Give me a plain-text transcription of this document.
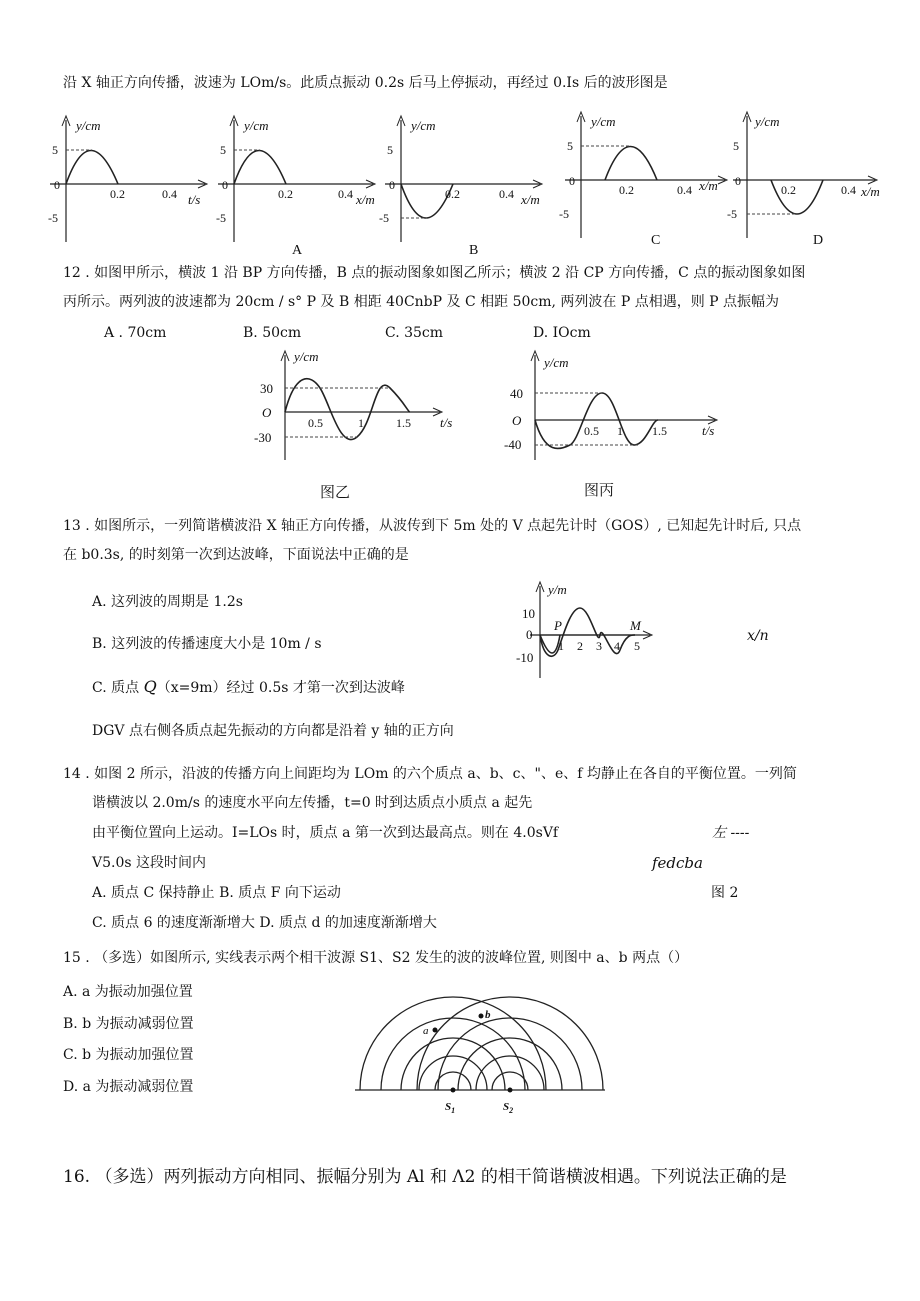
沿 X 轴正方向传播，波速为 LOm/s。此质点振动 0.2s 后马上停振动，再经过 0.Is 后的波形图是
y/cm
5
0
-5
0.2	0.4 t/s
y/cm
5
0
-5
0.2	0.4 x/m
A
y/cm
5
0
-5
0.2	0.4 x/m
B
y/cm
5
0
-5
0.2	0.4 x/m
C
y/cm
5
0
-5
0.2	0.4 x/m
D
12 . 如图甲所示，横波 1 沿 BP 方向传播，B 点的振动图象如图乙所示；横波 2 沿 CP 方向传播，C 点的振动图象如图
丙所示。两列波的波速都为 20cm / s° P 及 B 相距 40CnbP 及 C 相距 50cm, 两列波在 P 点相遇，则 P 点振幅为
A . 70cm	B. 50cm	C. 35cm	D. IOcm
y/cm
30
O
-30
0.5	1	1.5 t/s
图乙
y/cm
40
O
-40
0.5 1 1.5	t/s
图丙
13 . 如图所示，一列简谐横波沿 X 轴正方向传播，从波传到下 5m 处的 V 点起先计时（GOS）, 已知起先计时后, 只点
在 b0.3s, 的时刻第一次到达波峰，下面说法中正确的是
A. 这列波的周期是 1.2s
B. 这列波的传播速度大小是 10m / s
C. 质点 Q（x=9m）经过 0.5s 才第一次到达波峰
DGV 点右侧各质点起先振动的方向都是沿着 y 轴的正方向
y/m
10
0
-10
P	M
1 2 3 4 5
x/n
14 . 如图 2 所示，沿波的传播方向上间距均为 LOm 的六个质点 a、b、c、"、e、f 均静止在各自的平衡位置。一列简
谐横波以 2.0m/s 的速度水平向左传播，t=0 时到达质点小质点 a 起先
由平衡位置向上运动。I=LOs 时，质点 a 第一次到达最高点。则在 4.0sVf	左 ----
V5.0s 这段时间内	fedcba
A. 质点 C 保持静止 B. 质点 F 向下运动	图 2
C. 质点 6 的速度渐渐增大 D. 质点 d 的加速度渐渐增大
15 . （多选）如图所示, 实线表示两个相干波源 S1、S2 发生的波的波峰位置, 则图中 a、b 两点（）
A. a 为振动加强位置
B. b 为振动减弱位置
C. b 为振动加强位置
D. a 为振动减弱位置
a
b
$S_1$	$S_2$
16. （多选）两列振动方向相同、振幅分别为 Al 和 Λ2 的相干简谐横波相遇。下列说法正确的是
